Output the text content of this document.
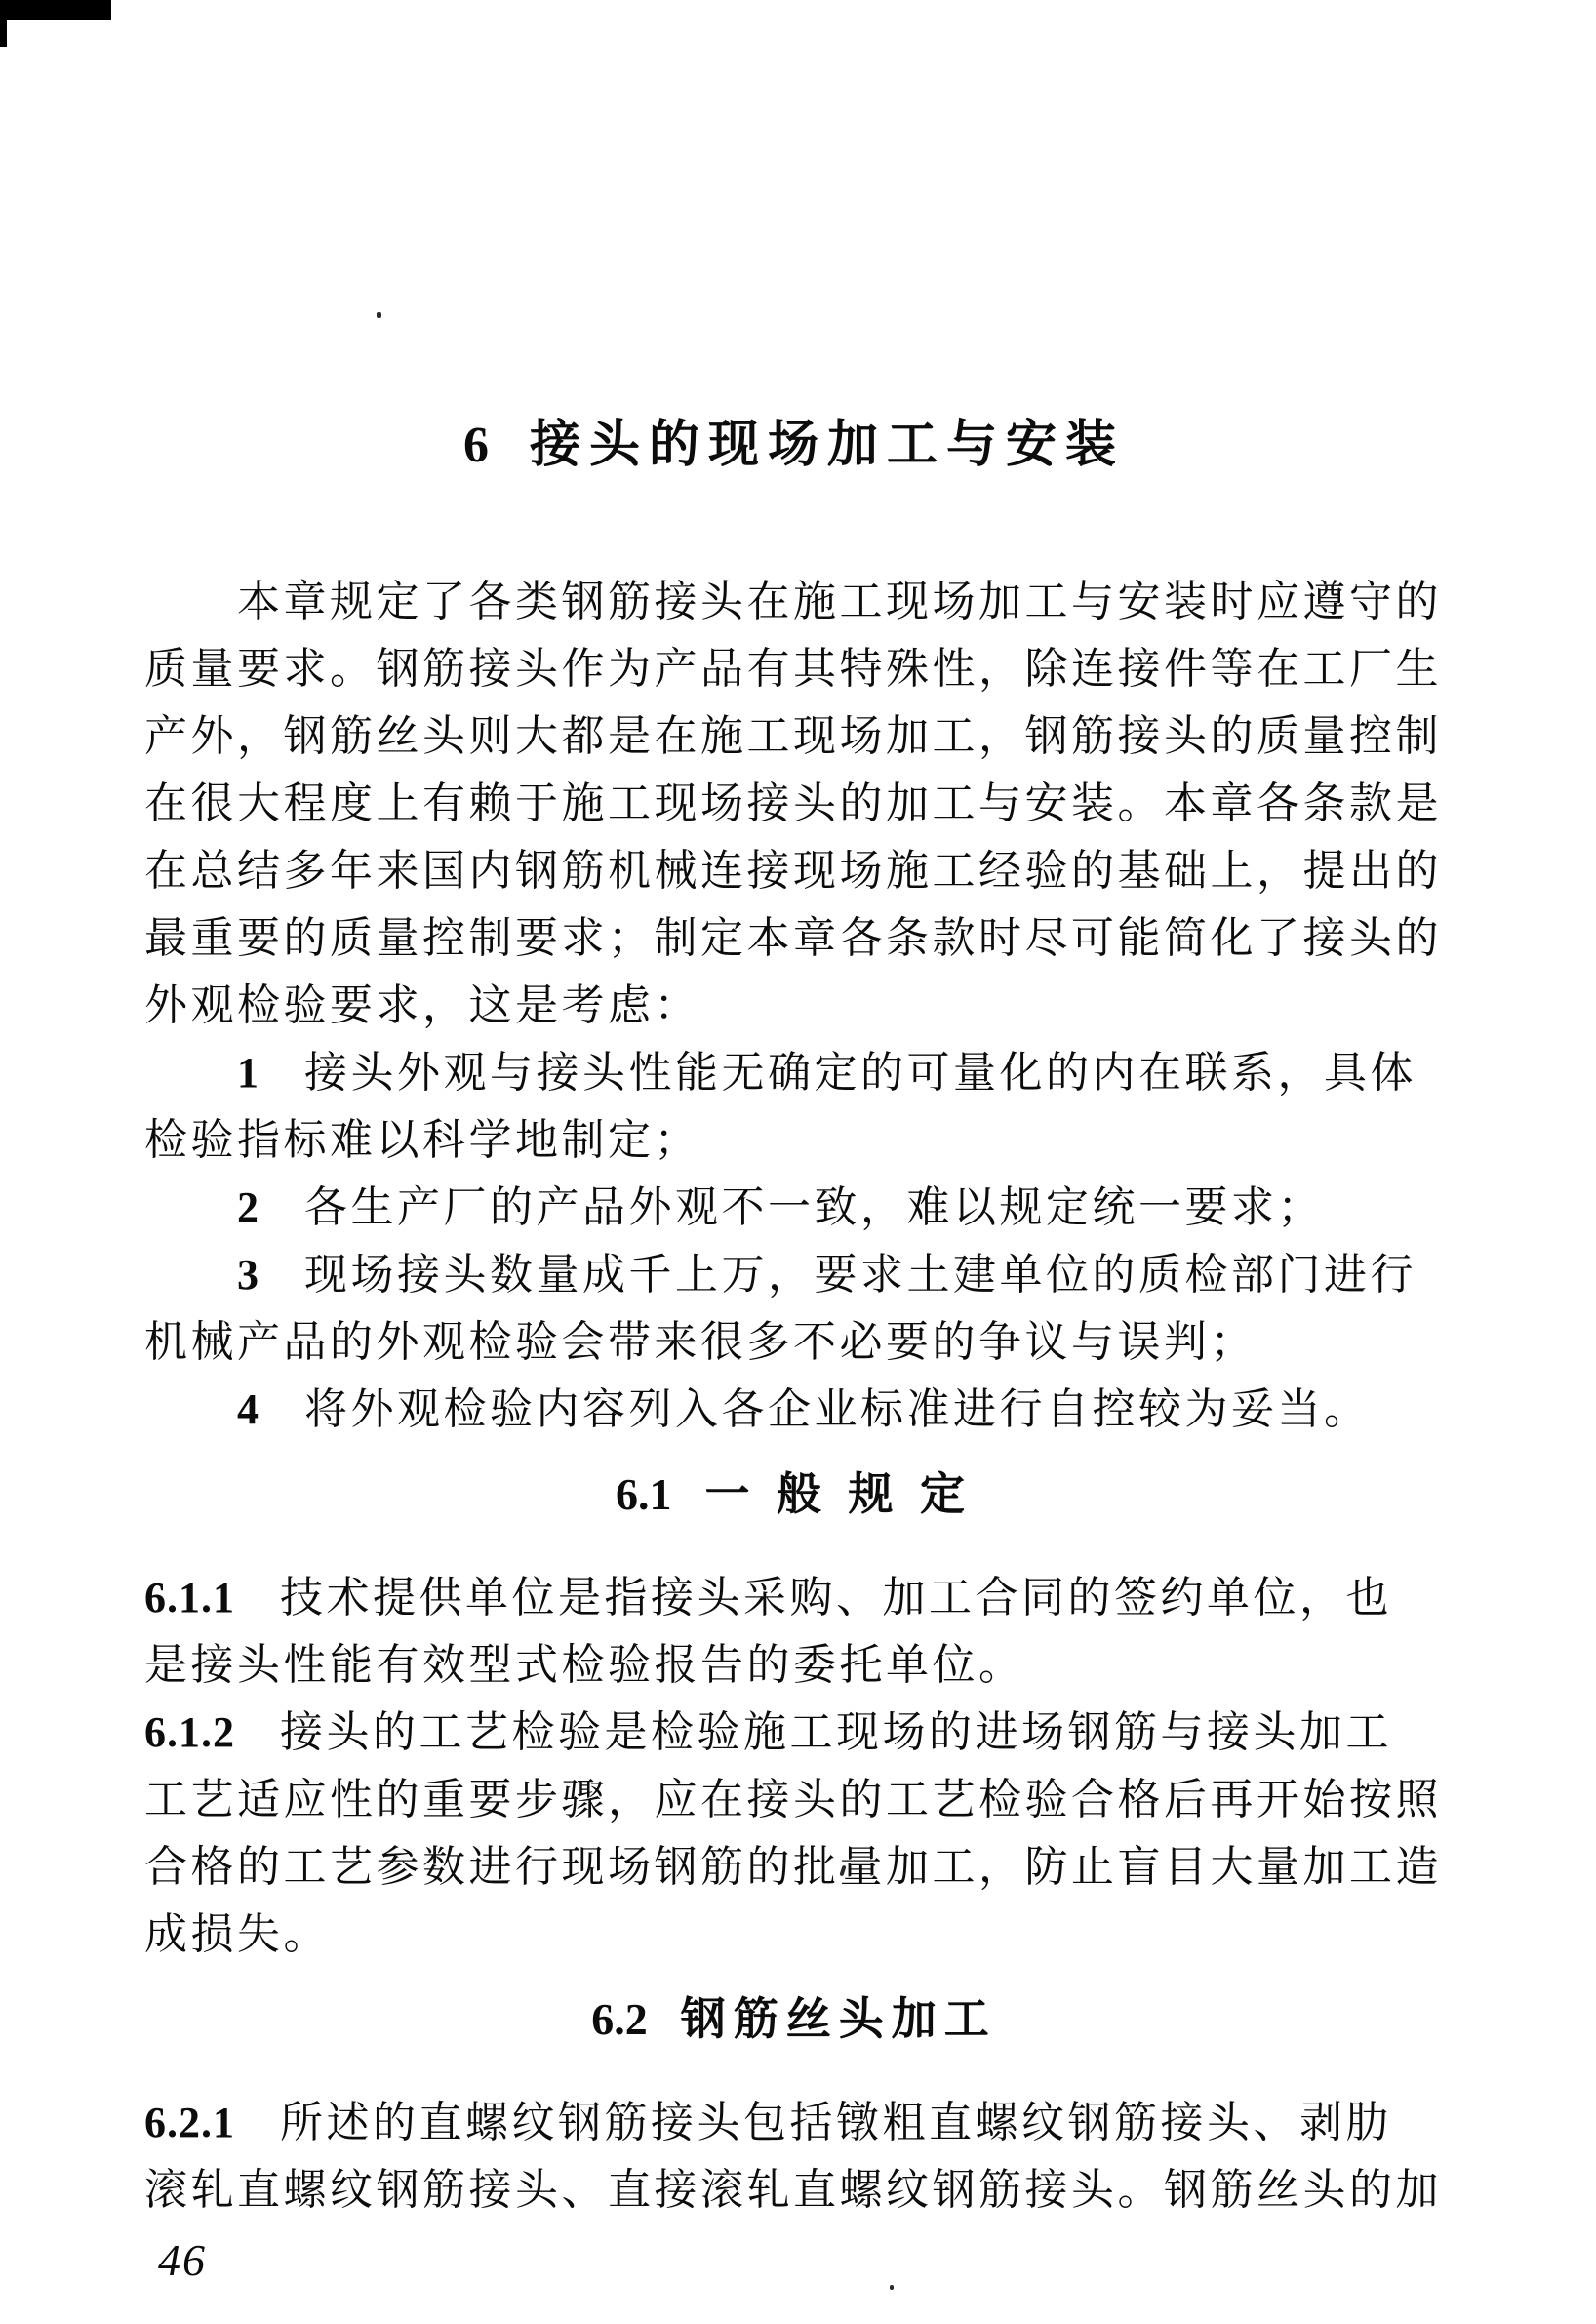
6 接头的现场加工与安装
本章规定了各类钢筋接头在施工现场加工与安装时应遵守的
质量要求。钢筋接头作为产品有其特殊性，除连接件等在工厂生
产外，钢筋丝头则大都是在施工现场加工，钢筋接头的质量控制
在很大程度上有赖于施工现场接头的加工与安装。本章各条款是
在总结多年来国内钢筋机械连接现场施工经验的基础上，提出的
最重要的质量控制要求；制定本章各条款时尽可能简化了接头的
外观检验要求，这是考虑：
1 接头外观与接头性能无确定的可量化的内在联系，具体
检验指标难以科学地制定；
2 各生产厂的产品外观不一致，难以规定统一要求；
3 现场接头数量成千上万，要求土建单位的质检部门进行
机械产品的外观检验会带来很多不必要的争议与误判；
4 将外观检验内容列入各企业标准进行自控较为妥当。
6.1 一 般 规 定
6.1.1 技术提供单位是指接头采购、加工合同的签约单位，也
是接头性能有效型式检验报告的委托单位。
6.1.2 接头的工艺检验是检验施工现场的进场钢筋与接头加工
工艺适应性的重要步骤，应在接头的工艺检验合格后再开始按照
合格的工艺参数进行现场钢筋的批量加工，防止盲目大量加工造
成损失。
6.2 钢筋丝头加工
6.2.1 所述的直螺纹钢筋接头包括镦粗直螺纹钢筋接头、剥肋
滚轧直螺纹钢筋接头、直接滚轧直螺纹钢筋接头。钢筋丝头的加
46
